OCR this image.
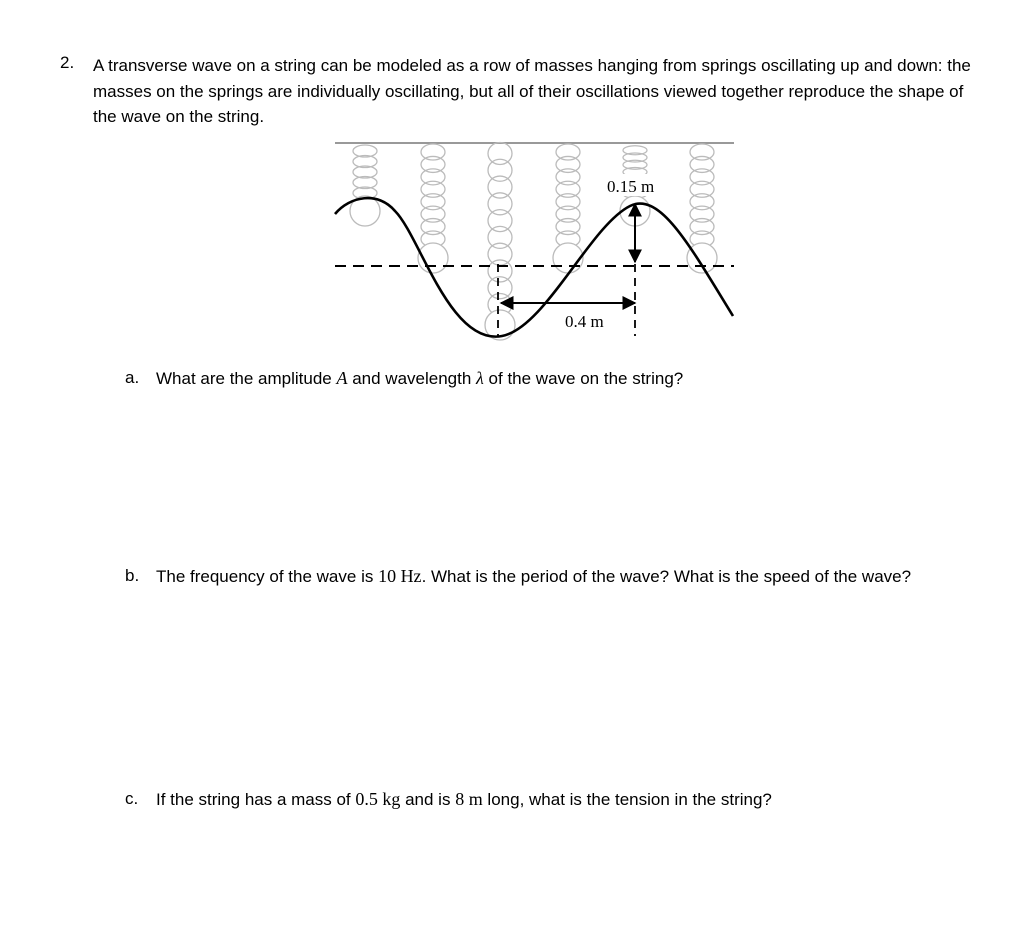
2. A transverse wave on a string can be modeled as a row of masses hanging from springs oscillating up and down: the masses on the springs are individually oscillating, but all of their oscillations viewed together reproduce the shape of the wave on the string.
0.15 m
0.4 m
a. What are the amplitude A and wavelength λ of the wave on the string?
b. The frequency of the wave is 10 Hz. What is the period of the wave? What is the speed of the wave?
c. If the string has a mass of 0.5 kg and is 8 m long, what is the tension in the string?
